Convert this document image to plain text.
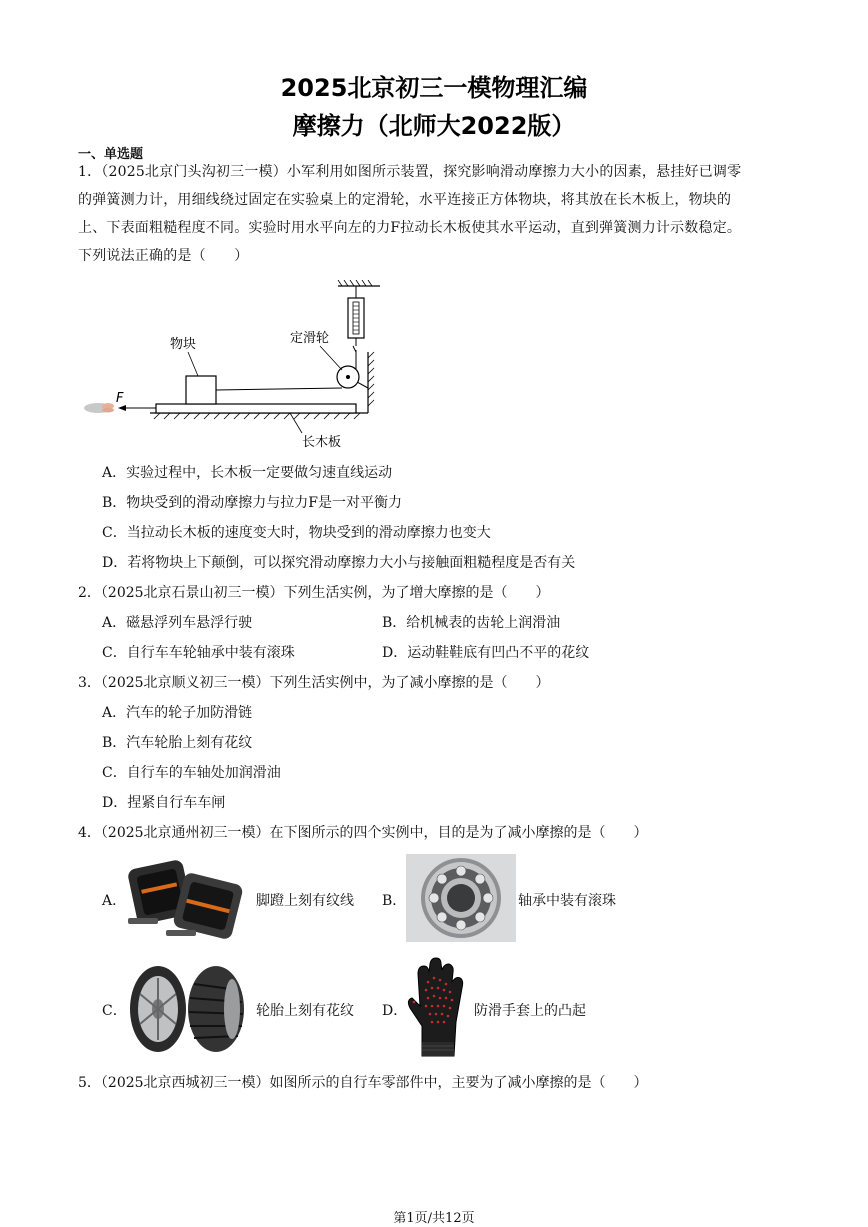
2025北京初三一模物理汇编
摩擦力（北师大2022版）
一、单选题
1．（2025北京门头沟初三一模）小军利用如图所示装置，探究影响滑动摩擦力大小的因素，悬挂好已调零
的弹簧测力计，用细线绕过固定在实验桌上的定滑轮，水平连接正方体物块，将其放在长木板上，物块的
上、下表面粗糙程度不同。实验时用水平向左的力F拉动长木板使其水平运动，直到弹簧测力计示数稳定。
下列说法正确的是（　　）
F
物块	定滑轮
长木板
A．实验过程中，长木板一定要做匀速直线运动
B．物块受到的滑动摩擦力与拉力F是一对平衡力
C．当拉动长木板的速度变大时，物块受到的滑动摩擦力也变大
D．若将物块上下颠倒，可以探究滑动摩擦力大小与接触面粗糙程度是否有关
2．（2025北京石景山初三一模）下列生活实例，为了增大摩擦的是（　　）
A．磁悬浮列车悬浮行驶	B．给机械表的齿轮上润滑油
C．自行车车轮轴承中装有滚珠	D．运动鞋鞋底有凹凸不平的花纹
3．（2025北京顺义初三一模）下列生活实例中，为了减小摩擦的是（　　）
A．汽车的轮子加防滑链
B．汽车轮胎上刻有花纹
C．自行车的车轴处加润滑油
D．捏紧自行车车闸
4．（2025北京通州初三一模）在下图所示的四个实例中，目的是为了减小摩擦的是（　　）
A．	脚蹬上刻有纹线 B．	轴承中装有滚珠
C．	轮胎上刻有花纹 D．	防滑手套上的凸起
5．（2025北京西城初三一模）如图所示的自行车零部件中，主要为了减小摩擦的是（　　）
第1页/共12页
